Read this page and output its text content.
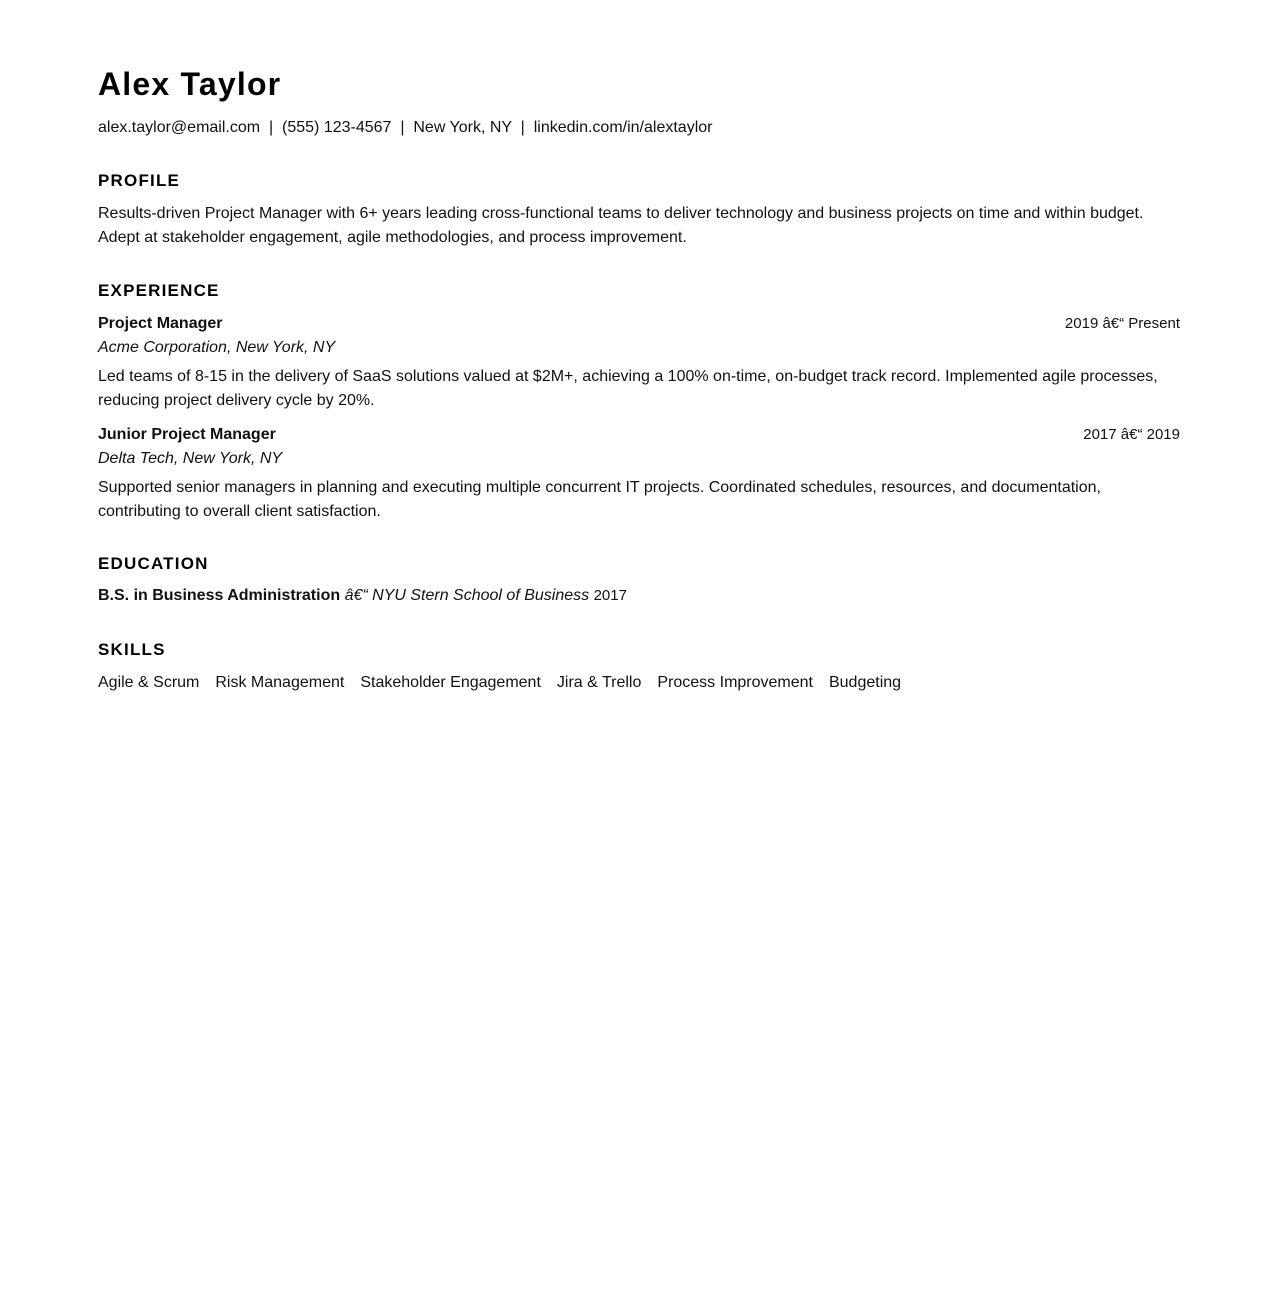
Alex Taylor
alex.taylor@email.com  |  (555) 123-4567  |  New York, NY  |  linkedin.com/in/alextaylor
PROFILE
Results-driven Project Manager with 6+ years leading cross-functional teams to deliver technology and business projects on time and within budget. Adept at stakeholder engagement, agile methodologies, and process improvement.
EXPERIENCE
Project Manager	2019 â€“ Present
Acme Corporation, New York, NY
Led teams of 8-15 in the delivery of SaaS solutions valued at $2M+, achieving a 100% on-time, on-budget track record. Implemented agile processes, reducing project delivery cycle by 20%.
Junior Project Manager	2017 â€“ 2019
Delta Tech, New York, NY
Supported senior managers in planning and executing multiple concurrent IT projects. Coordinated schedules, resources, and documentation, contributing to overall client satisfaction.
EDUCATION
B.S. in Business Administration â€“ NYU Stern School of Business 2017
SKILLS
Agile & Scrum Risk Management Stakeholder Engagement Jira & Trello Process Improvement Budgeting
